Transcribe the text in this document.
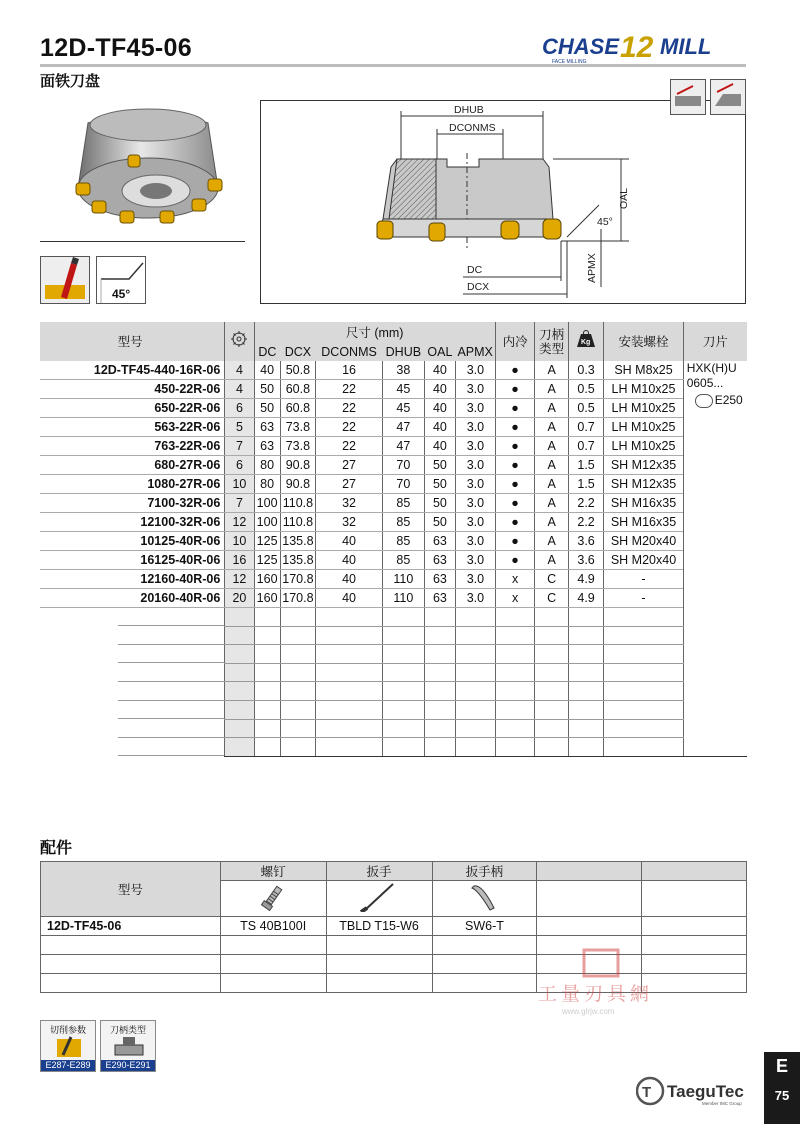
12D-TF45-06
面铁刀盘
CHASE 12 MILL
FACE MILLING
45°
DHUB
DCONMS
OAL
45°
APMX
DC
DCX
型号		尺寸 (mm)						内冷	刀柄类型	Kg	安装螺栓	刀片
		DC	DCX	DCONMS	DHUB	OAL	APMX					
12D-TF45-440-16R-06	4	40	50.8	16	38	40	3.0	●	A	0.3	SH M8x25	HXK(H)U
0605...
E250

450-22R-06	4	50	60.8	22	45	40	3.0	●	A	0.5	LH M10x25	
650-22R-06	6	50	60.8	22	45	40	3.0	●	A	0.5	LH M10x25	
563-22R-06	5	63	73.8	22	47	40	3.0	●	A	0.7	LH M10x25	
763-22R-06	7	63	73.8	22	47	40	3.0	●	A	0.7	LH M10x25	
680-27R-06	6	80	90.8	27	70	50	3.0	●	A	1.5	SH M12x35	
1080-27R-06	10	80	90.8	27	70	50	3.0	●	A	1.5	SH M12x35	
7100-32R-06	7	100	110.8	32	85	50	3.0	●	A	2.2	SH M16x35	
12100-32R-06	12	100	110.8	32	85	50	3.0	●	A	2.2	SH M16x35	
10125-40R-06	10	125	135.8	40	85	63	3.0	●	A	3.6	SH M20x40	
16125-40R-06	16	125	135.8	40	85	63	3.0	●	A	3.6	SH M20x40	
12160-40R-06	12	160	170.8	40	110	63	3.0	x	C	4.9	-	
20160-40R-06	20	160	170.8	40	110	63	3.0	x	C	4.9	-	

配件
型号	螺钉	扳手	扳手柄		

12D-TF45-06	TS 40B100I	TBLD T15-W6	SW6-T		

工量刃具網
www.glrjw.com
切削参数
E287-E289
刀柄类型
E290-E291
T TaeguTec
Member IMC Group
E
75
